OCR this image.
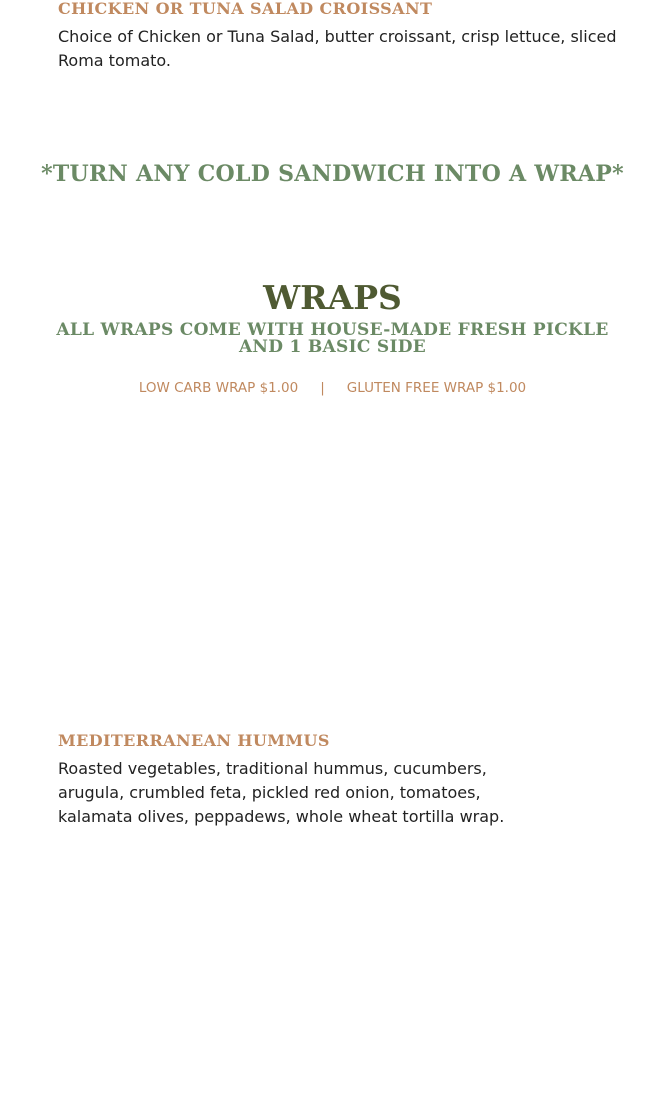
CHICKEN OR TUNA SALAD CROISSANT

Choice of Chicken or Tuna Salad, butter croissant, crisp lettuce, sliced Roma tomato.

*TURN ANY COLD SANDWICH INTO A WRAP*

WRAPS

ALL WRAPS COME WITH HOUSE-MADE FRESH PICKLE AND 1 BASIC SIDE

LOW CARB WRAP $1.00 | GLUTEN FREE WRAP $1.00

MEDITERRANEAN HUMMUS

Roasted vegetables, traditional hummus, cucumbers, arugula, crumbled feta, pickled red onion, tomatoes, kalamata olives, peppadews, whole wheat tortilla wrap.
